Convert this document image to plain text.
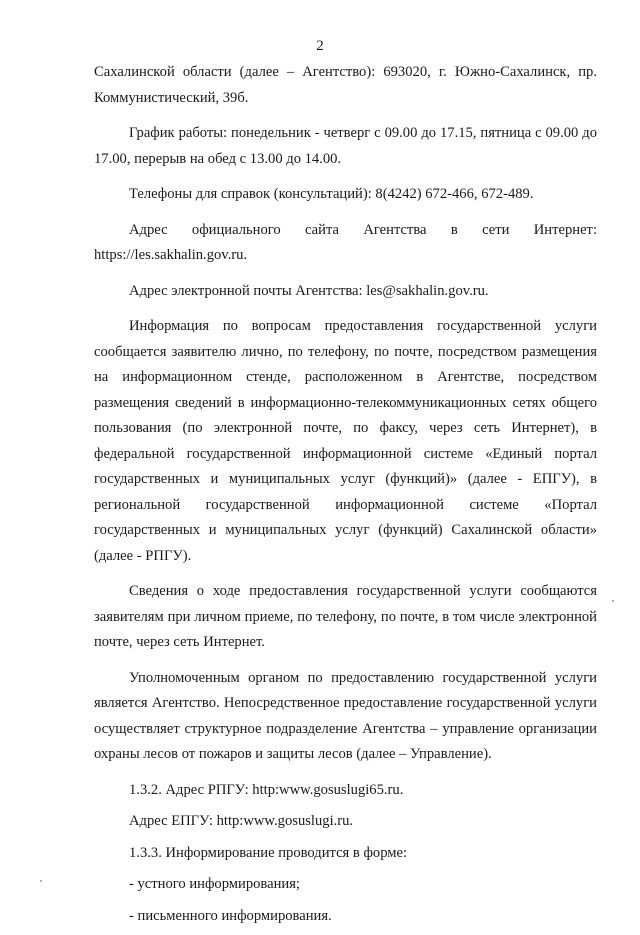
2

Сахалинской области (далее – Агентство): 693020, г. Южно-Сахалинск, пр. Коммунистический, 39б.

График работы: понедельник - четверг с 09.00 до 17.15, пятница с 09.00 до 17.00, перерыв на обед с 13.00 до 14.00.

Телефоны для справок (консультаций): 8(4242) 672-466, 672-489.

Адрес официального сайта Агентства в сети Интернет: https://les.sakhalin.gov.ru.

Адрес электронной почты Агентства: les@sakhalin.gov.ru.

Информация по вопросам предоставления государственной услуги сообщается заявителю лично, по телефону, по почте, посредством размещения на информационном стенде, расположенном в Агентстве, посредством размещения сведений в информационно-телекоммуникационных сетях общего пользования (по электронной почте, по факсу, через сеть Интернет), в федеральной государственной информационной системе «Единый портал государственных и муниципальных услуг (функций)» (далее - ЕПГУ), в региональной государственной информационной системе «Портал государственных и муниципальных услуг (функций) Сахалинской области» (далее - РПГУ).

Сведения о ходе предоставления государственной услуги сообщаются заявителям при личном приеме, по телефону, по почте, в том числе электронной почте, через сеть Интернет.

Уполномоченным органом по предоставлению государственной услуги является Агентство. Непосредственное предоставление государственной услуги осуществляет структурное подразделение Агентства – управление организации охраны лесов от пожаров и защиты лесов (далее – Управление).

1.3.2. Адрес РПГУ: http:www.gosuslugi65.ru.

Адрес ЕПГУ: http:www.gosuslugi.ru.

1.3.3. Информирование проводится в форме:

- устного информирования;

- письменного информирования.
